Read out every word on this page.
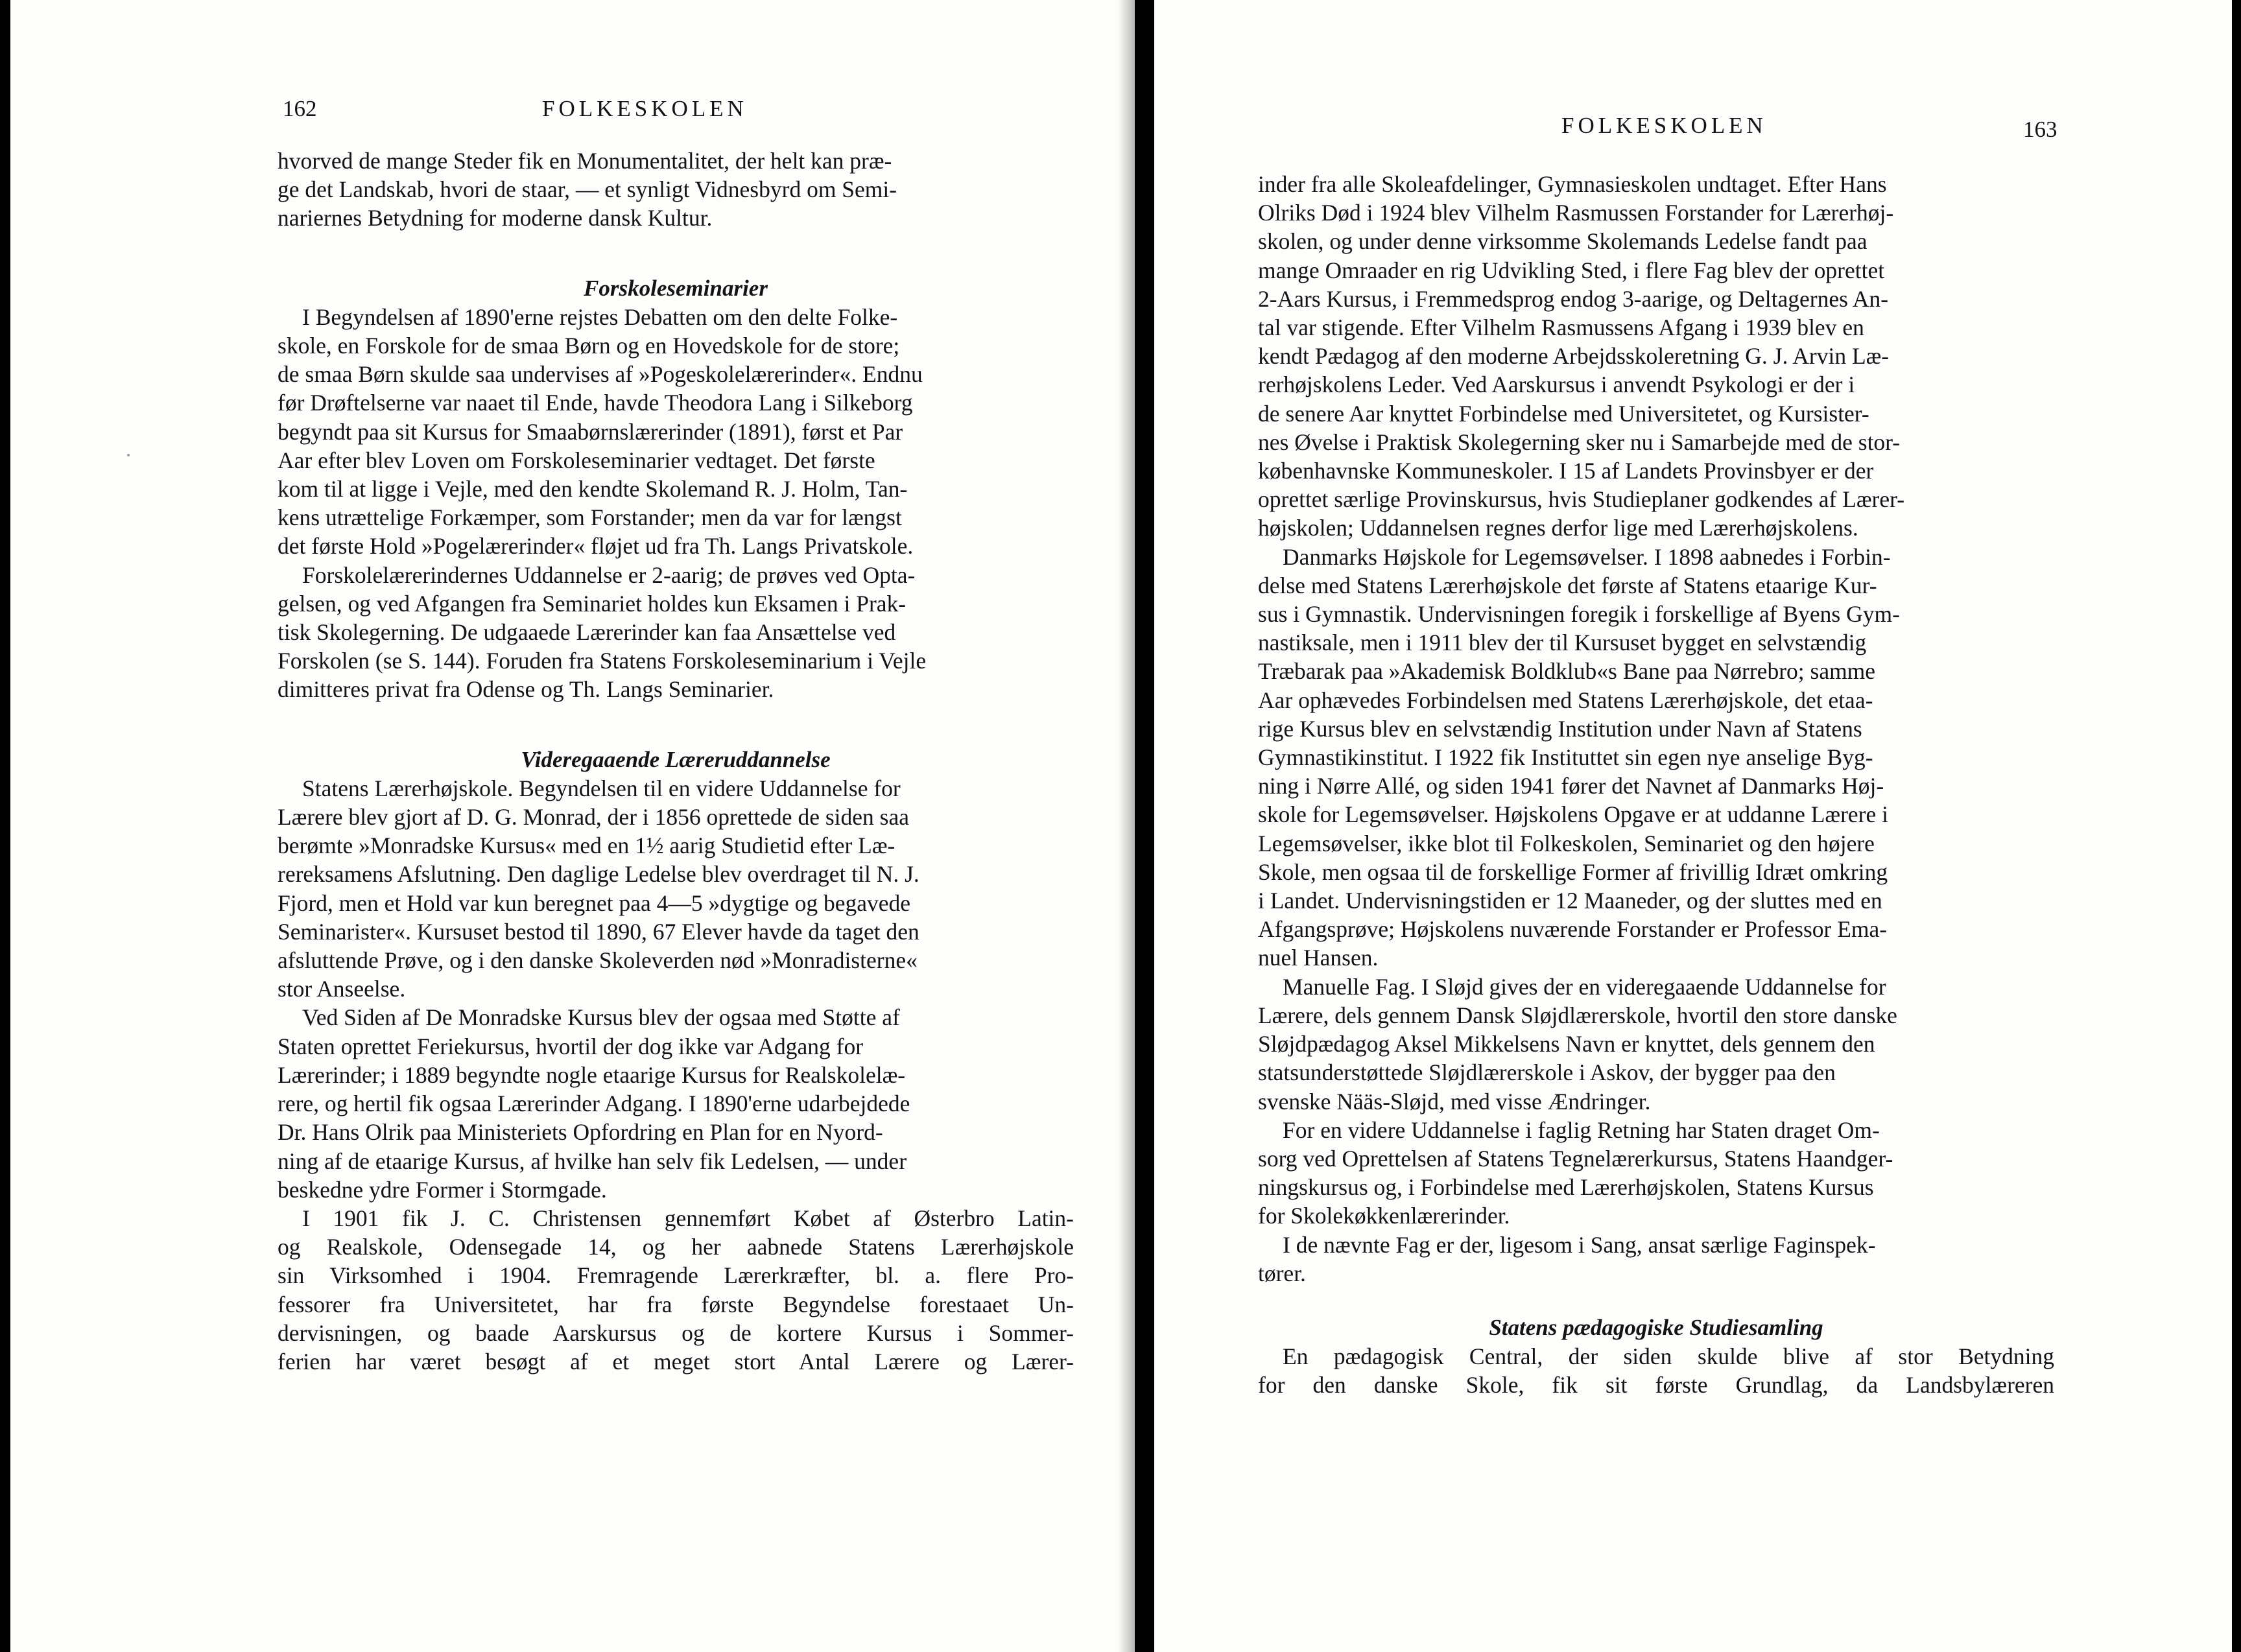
162	FOLKESKOLEN

hvorved de mange Steder fik en Monumentalitet, der helt kan præ-
ge det Landskab, hvori de staar, — et synligt Vidnesbyrd om Semi-
nariernes Betydning for moderne dansk Kultur.

Forskoleseminarier

I Begyndelsen af 1890'erne rejstes Debatten om den delte Folke-
skole, en Forskole for de smaa Børn og en Hovedskole for de store;
de smaa Børn skulde saa undervises af »Pogeskolelærerinder«. Endnu
før Drøftelserne var naaet til Ende, havde Theodora Lang i Silkeborg
begyndt paa sit Kursus for Smaabørnslærerinder (1891), først et Par
Aar efter blev Loven om Forskoleseminarier vedtaget. Det første
kom til at ligge i Vejle, med den kendte Skolemand R. J. Holm, Tan-
kens utrættelige Forkæmper, som Forstander; men da var for længst
det første Hold »Pogelærerinder« fløjet ud fra Th. Langs Privatskole.

Forskolelærerindernes Uddannelse er 2-aarig; de prøves ved Opta-
gelsen, og ved Afgangen fra Seminariet holdes kun Eksamen i Prak-
tisk Skolegerning. De udgaaede Lærerinder kan faa Ansættelse ved
Forskolen (se S. 144). Foruden fra Statens Forskoleseminarium i Vejle
dimitteres privat fra Odense og Th. Langs Seminarier.

Videregaaende Læreruddannelse

Statens Lærerhøjskole. Begyndelsen til en videre Uddannelse for
Lærere blev gjort af D. G. Monrad, der i 1856 oprettede de siden saa
berømte »Monradske Kursus« med en 1½ aarig Studietid efter Læ-
rereksamens Afslutning. Den daglige Ledelse blev overdraget til N. J.
Fjord, men et Hold var kun beregnet paa 4—5 »dygtige og begavede
Seminarister«. Kursuset bestod til 1890, 67 Elever havde da taget den
afsluttende Prøve, og i den danske Skoleverden nød »Monradisterne«
stor Anseelse.

Ved Siden af De Monradske Kursus blev der ogsaa med Støtte af
Staten oprettet Feriekursus, hvortil der dog ikke var Adgang for
Lærerinder; i 1889 begyndte nogle etaarige Kursus for Realskolelæ-
rere, og hertil fik ogsaa Lærerinder Adgang. I 1890'erne udarbejdede
Dr. Hans Olrik paa Ministeriets Opfordring en Plan for en Nyord-
ning af de etaarige Kursus, af hvilke han selv fik Ledelsen, — under
beskedne ydre Former i Stormgade.

I 1901 fik J. C. Christensen gennemført Købet af Østerbro Latin-
og Realskole, Odensegade 14, og her aabnede Statens Lærerhøjskole
sin Virksomhed i 1904. Fremragende Lærerkræfter, bl. a. flere Pro-
fessorer fra Universitetet, har fra første Begyndelse forestaaet Un-
dervisningen, og baade Aarskursus og de kortere Kursus i Sommer-
ferien har været besøgt af et meget stort Antal Lærere og Lærer-

FOLKESKOLEN	163

inder fra alle Skoleafdelinger, Gymnasieskolen undtaget. Efter Hans
Olriks Død i 1924 blev Vilhelm Rasmussen Forstander for Lærerhøj-
skolen, og under denne virksomme Skolemands Ledelse fandt paa
mange Omraader en rig Udvikling Sted, i flere Fag blev der oprettet
2-Aars Kursus, i Fremmedsprog endog 3-aarige, og Deltagernes An-
tal var stigende. Efter Vilhelm Rasmussens Afgang i 1939 blev en
kendt Pædagog af den moderne Arbejdsskoleretning G. J. Arvin Læ-
rerhøjskolens Leder. Ved Aarskursus i anvendt Psykologi er der i
de senere Aar knyttet Forbindelse med Universitetet, og Kursister-
nes Øvelse i Praktisk Skolegerning sker nu i Samarbejde med de stor-
københavnske Kommuneskoler. I 15 af Landets Provinsbyer er der
oprettet særlige Provinskursus, hvis Studieplaner godkendes af Lærer-
højskolen; Uddannelsen regnes derfor lige med Lærerhøjskolens.

Danmarks Højskole for Legemsøvelser. I 1898 aabnedes i Forbin-
delse med Statens Lærerhøjskole det første af Statens etaarige Kur-
sus i Gymnastik. Undervisningen foregik i forskellige af Byens Gym-
nastiksale, men i 1911 blev der til Kursuset bygget en selvstændig
Træbarak paa »Akademisk Boldklub«s Bane paa Nørrebro; samme
Aar ophævedes Forbindelsen med Statens Lærerhøjskole, det etaa-
rige Kursus blev en selvstændig Institution under Navn af Statens
Gymnastikinstitut. I 1922 fik Instituttet sin egen nye anselige Byg-
ning i Nørre Allé, og siden 1941 fører det Navnet af Danmarks Høj-
skole for Legemsøvelser. Højskolens Opgave er at uddanne Lærere i
Legemsøvelser, ikke blot til Folkeskolen, Seminariet og den højere
Skole, men ogsaa til de forskellige Former af frivillig Idræt omkring
i Landet. Undervisningstiden er 12 Maaneder, og der sluttes med en
Afgangsprøve; Højskolens nuværende Forstander er Professor Ema-
nuel Hansen.

Manuelle Fag. I Sløjd gives der en videregaaende Uddannelse for
Lærere, dels gennem Dansk Sløjdlærerskole, hvortil den store danske
Sløjdpædagog Aksel Mikkelsens Navn er knyttet, dels gennem den
statsunderstøttede Sløjdlærerskole i Askov, der bygger paa den
svenske Nääs-Sløjd, med visse Ændringer.

For en videre Uddannelse i faglig Retning har Staten draget Om-
sorg ved Oprettelsen af Statens Tegnelærerkursus, Statens Haandger-
ningskursus og, i Forbindelse med Lærerhøjskolen, Statens Kursus
for Skolekøkkenlærerinder.

I de nævnte Fag er der, ligesom i Sang, ansat særlige Faginspek-
tører.

Statens pædagogiske Studiesamling

En pædagogisk Central, der siden skulde blive af stor Betydning
for den danske Skole, fik sit første Grundlag, da Landsbylæreren
